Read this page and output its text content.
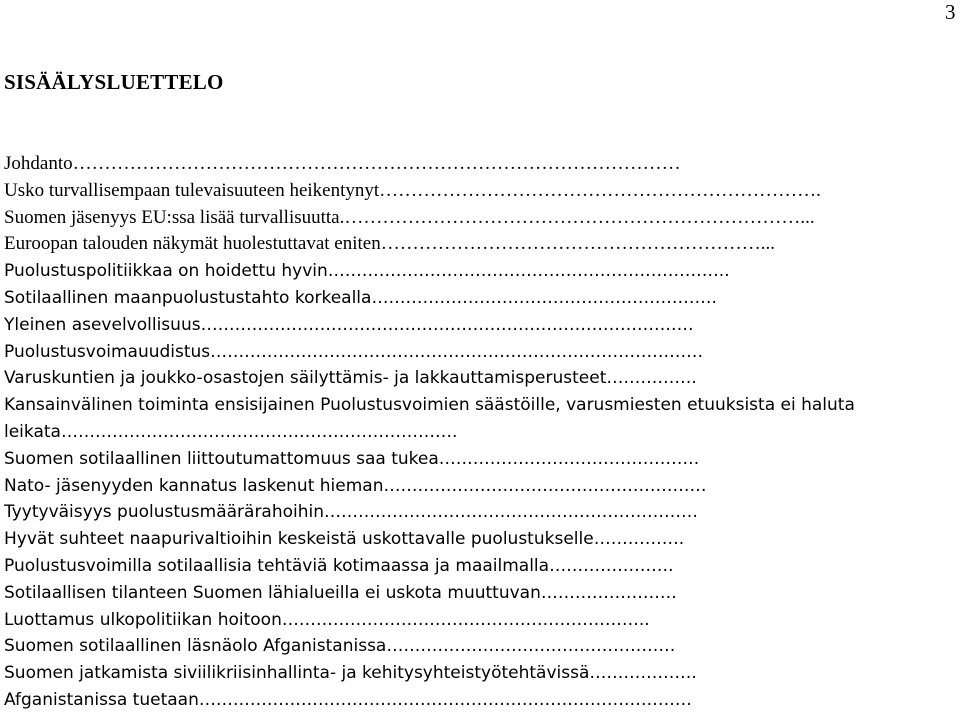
3
SISÄÄLYSLUETTELO
Johdanto……………………………………………………………………………………
Usko turvallisempaan tulevaisuuteen heikentynyt…………………………………………………………….
Suomen jäsenyys EU:ssa lisää turvallisuutta.………………………………………………………………...
Euroopan talouden näkymät huolestuttavat eniten……………………………………………………...
Puolustuspolitiikkaa on hoidettu hyvin……………………………………………………………..
Sotilaallinen maanpuolustustahto korkealla…………………………………………………….
Yleinen asevelvollisuus……………………………………………………………………………
Puolustusvoimauudistus……………………………………………………………………………
Varuskuntien ja joukko-osastojen säilyttämis- ja lakkauttamisperusteet…………….
Kansainvälinen toiminta ensisijainen Puolustusvoimien säästöille, varusmiesten etuuksista ei haluta leikata…………………………………………………………….
Suomen sotilaallinen liittoutumattomuus saa tukea……………………………………….
Nato- jäsenyyden kannatus laskenut hieman…………………………………………………
Tyytyväisyys puolustusmäärärahoihin…………………………………………………………
Hyvät suhteet naapurivaltioihin keskeistä uskottavalle puolustukselle…………….
Puolustusvoimilla sotilaallisia tehtäviä kotimaassa ja maailmalla………………….
Sotilaallisen tilanteen Suomen lähialueilla ei uskota muuttuvan……………………
Luottamus ulkopolitiikan hoitoon………………………………………………………..
Suomen sotilaallinen läsnäolo Afganistanissa……………………………………………
Suomen jatkamista siviilikriisinhallinta- ja kehitysyhteistyötehtävissä……………….
Afganistanissa tuetaan……………………………………………………………………………
